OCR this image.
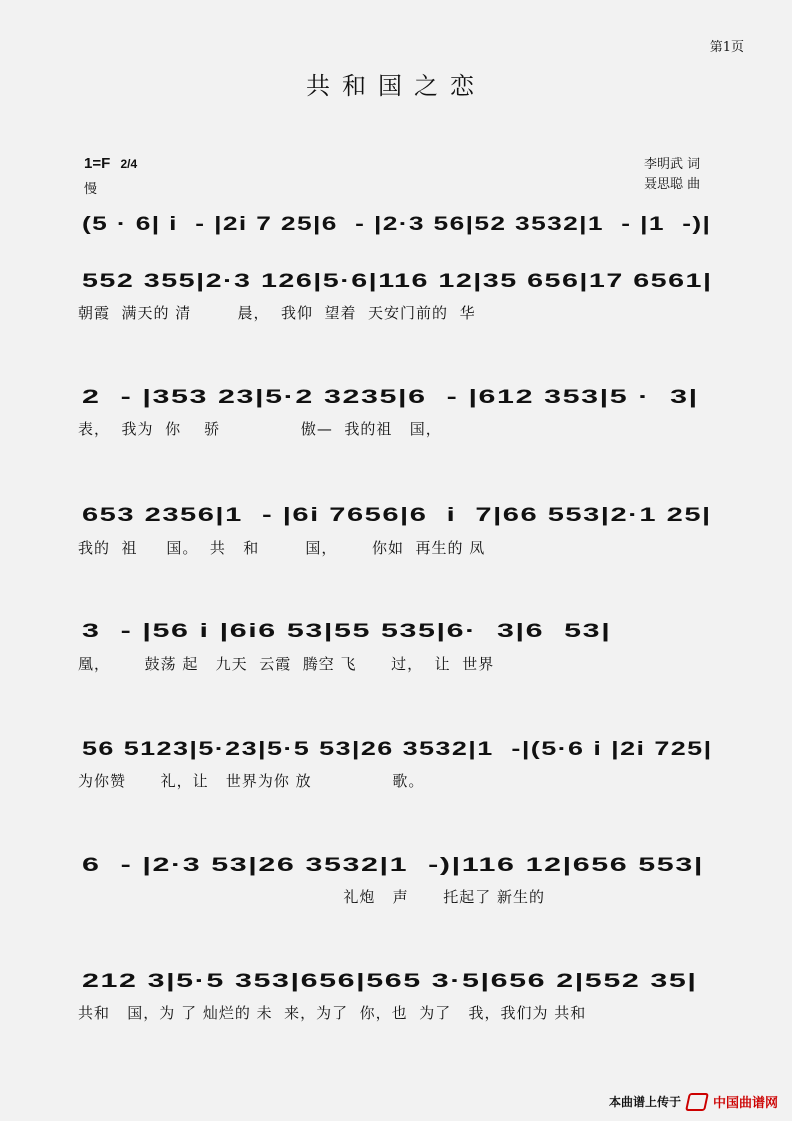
第1页
共和国之恋
1=F 2/4
慢
李明武 词
聂思聪 曲
(5 · 6| i  - |2i 7 25|6  - |2·3 56|52 3532|1  - |1  -)|
552 355|2·3 126|5·6|116 12|35 656|17 6561|
朝霞  满天的 清        晨，  我仰  望着  天安门前的  华
2  - |353 23|5·2 3235|6  - |612 353|5 ·  3|
表，  我为  你    骄              傲—  我的祖   国，
653 2356|1  - |6i 7656|6  i  7|66 553|2·1 25|
我的  祖     国。  共   和        国，      你如  再生的 凤
3  - |56 i |6i6 53|55 535|6·  3|6  53|
凰，      鼓荡 起   九天  云霞  腾空 飞      过，  让  世界
56 5123|5·23|5·5 53|26 3532|1  -|(5·6 i |2i 725|
为你赞      礼，让   世界为你 放              歌。
6  - |2·3 53|26 3532|1  -)|116 12|656 553|
礼炮   声      托起了 新生的
212 3|5·5 353|656|565 3·5|656 2|552 35|
共和   国，为 了 灿烂的 未  来，为了  你，也  为了   我，我们为 共和
本曲谱上传于 中国曲谱网
